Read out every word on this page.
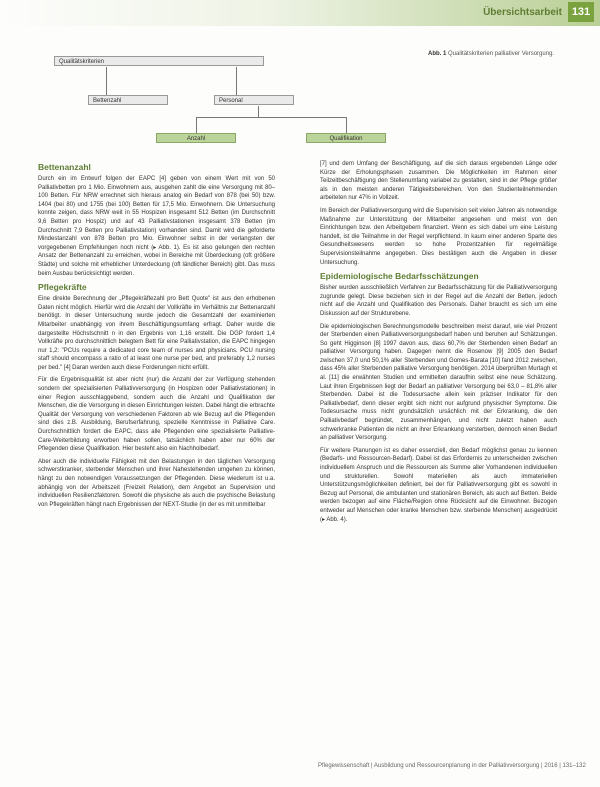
Übersichtsarbeit 131
Qualitätskriterien
Bettenzahl	Personal
Anzahl	Qualifikation
Abb. 1 Qualitätskriterien palliativer Versorgung.
Bettenanzahl

Durch ein im Entwurf folgen der EAPC [4] geben von einem Wert mit von 50 Palliativbetten pro 1 Mio. Einwohnern aus, ausgehen zahlt die eine Versorgung mit 80–100 Betten. Für NRW errechnet sich hieraus analog ein Bedarf von 878 (bei 50) bzw. 1404 (bei 80) und 1755 (bei 100) Betten für 17,5 Mio. Einwohnern. Die Untersuchung konnte zeigen, dass NRW weit in 55 Hospizen insgesamt 512 Betten (im Durchschnitt 9,6 Betten pro Hospiz) und auf 43 Palliativstationen insgesamt 378 Betten (im Durchschnitt 7,9 Betten pro Palliativstation) vorhanden sind. Damit wird die geforderte Mindestanzahl von 878 Betten pro Mio. Einwohner selbst in der verlangsten der vorgegebenen Empfehlungen noch nicht (▸ Abb. 1). Es ist also gelungen den rechten Ansatz der Bettenanzahl zu erreichen, wobei in Bereiche mit Überdeckung (oft größere Städte) und solche mit erheblicher Unterdeckung (oft ländlicher Bereich) gibt. Das muss beim Ausbau berücksichtigt werden.

Pflegekräfte

Eine direkte Berechnung der „Pflegekräftezahl pro Bett Quote" ist aus den erhobenen Daten nicht möglich. Hierfür wird die Anzahl der Vollkräfte im Verhältnis zur Bettenanzahl benötigt. In dieser Untersuchung wurde jedoch die Gesamtzahl der examinierten Mitarbeiter unabhängig von ihrem Beschäftigungsumfang erfragt. Daher wurde die dargestellte Höchstschnitt n in den Ergebnis von 1,16 erstellt. Die DGP fordert 1,4 Vollkräfte pro durchschnittlich belegtem Bett für eine Palliativstation, die EAPC hingegen nur 1,2: "PCUs require a dedicated core team of nurses and physicians. PCU nursing staff should encompass a ratio of at least one nurse per bed, and preferably 1,2 nurses per bed." [4] Daran werden auch diese Forderungen nicht erfüllt.

Für die Ergebnisqualität ist aber nicht (nur) die Anzahl der zur Verfügung stehenden sondern der spezialisierten Palliativversorgung (in Hospizen oder Palliativstationen) in einer Region ausschlaggebend, sondern auch die Anzahl und Qualifikation der Menschen, die die Versorgung in diesen Einrichtungen leisten. Dabei hängt die erbrachte Qualität der Versorgung von verschiedenen Faktoren ab wie Bezug auf die Pflegenden sind dies z.B. Ausbildung, Berufserfahrung, spezielle Kenntnisse in Palliative Care. Durchschnittlich fordert die EAPC, dass alle Pflegenden eine spezialisierte Palliative-Care-Weiterbildung erworben haben sollen, tatsächlich haben aber nur 60% der Pflegenden diese Qualifikation. Hier besteht also ein Nachholbedarf.

Aber auch die individuelle Fähigkeit mit den Belastungen in den täglichen Versorgung schwerstkranker, sterbender Menschen und ihrer Nahestehenden umgehen zu können, hängt zu den notwendigen Voraussetzungen der Pflegenden. Diese wiederum ist u.a. abhängig von der Arbeitszeit (Freizeit Relation), dem Angebot an Supervision und individuellen Resilienzfaktoren. Sowohl die physische als auch die psychische Belastung von Pflegekräften hängt nach Ergebnissen der NEXT-Studie (in der es mit unmittelbar

[7] und dem Umfang der Beschäftigung, auf die sich daraus ergebenden Länge oder Kürze der Erholungsphasen zusammen. Die Möglichkeiten im Rahmen einer Teilzeitbeschäftigung den Stellenumfang variabel zu gestalten, sind in der Pflege größer als in den meisten anderen Tätigkeitsbereichen. Von den Studienteilnehmenden arbeiteten nur 47% in Vollzeit.

Im Bereich der Palliativversorgung wird die Supervision seit vielen Jahren als notwendige Maßnahme zur Unterstützung der Mitarbeiter angesehen und meist von den Einrichtungen bzw. den Arbeitgebern finanziert. Wenn es sich dabei um eine Leistung handelt, ist die Teilnahme in der Regel verpflichtend. In kaum einer anderen Sparte des Gesundheitswesens werden so hohe Prozentzahlen für regelmäßige Supervisionsteilnahme angegeben. Dies bestätigen auch die Angaben in dieser Untersuchung.

Epidemiologische Bedarfsschätzungen

Bisher wurden ausschließlich Verfahren zur Bedarfsschätzung für die Palliativversorgung zugrunde gelegt. Diese beziehen sich in der Regel auf die Anzahl der Betten, jedoch nicht auf die Anzahl und Qualifikation des Personals. Daher braucht es sich um eine Diskussion auf der Strukturebene.

Die epidemiologischen Berechnungsmodelle beschreiben meist darauf, wie viel Prozent der Sterbenden einen Palliativversorgungsbedarf haben und beruhen auf Schätzungen. So geht Higginson [8] 1997 davon aus, dass 60,7% der Sterbenden einen Bedarf an palliativer Versorgung haben. Dagegen nennt die Rosenow [9] 2005 den Bedarf zwischen 37,0 und 50,1% aller Sterbenden und Gomes-Barata [10] fand 2012 zwischen, dass 45% aller Sterbenden palliative Versorgung benötigen. 2014 überprüften Murtagh et al. [11] die erwähnten Studien und ermittelten daraufhin selbst eine neue Schätzung. Laut ihren Ergebnissen liegt der Bedarf an palliativer Versorgung bei 63,0 – 81,8% aller Sterbenden. Dabei ist die Todesursache allein kein präziser Indikator für den Palliativbedarf, denn dieser ergibt sich nicht nur aufgrund physischer Symptome. Die Todesursache muss nicht grundsätzlich ursächlich mit der Erkrankung, die den Palliativbedarf begründet, zusammenhängen, und nicht zuletzt haben auch schwerkranke Patienten die nicht an ihrer Erkrankung versterben, dennoch einen Bedarf an palliativer Versorgung.

Für weitere Planungen ist es daher essenziell, den Bedarf möglichst genau zu kennen (Bedarfs- und Ressourcen-Bedarf). Dabei ist das Erfordernis zu unterscheiden zwischen individuellem Anspruch und die Ressourcen als Summe aller Vorhandenen individuellen und strukturellen. Sowohl materiellen als auch immateriellen Unterstützungsmöglichkeiten definiert, bei der für Palliativversorgung gibt es sowohl in Bezug auf Personal, die ambulanten und stationären Bereich, als auch auf Betten. Beide werden bezogen auf eine Fläche/Region ohne Rücksicht auf die Einwohner. Bezogen entweder auf Menschen oder kranke Menschen bzw. sterbende Menschen) ausgedrückt (▸ Abb. 4).

Pflegewissenschaft | Ausbildung und Ressourcenplanung in der Palliativversorgung | 2016 | 131–132
